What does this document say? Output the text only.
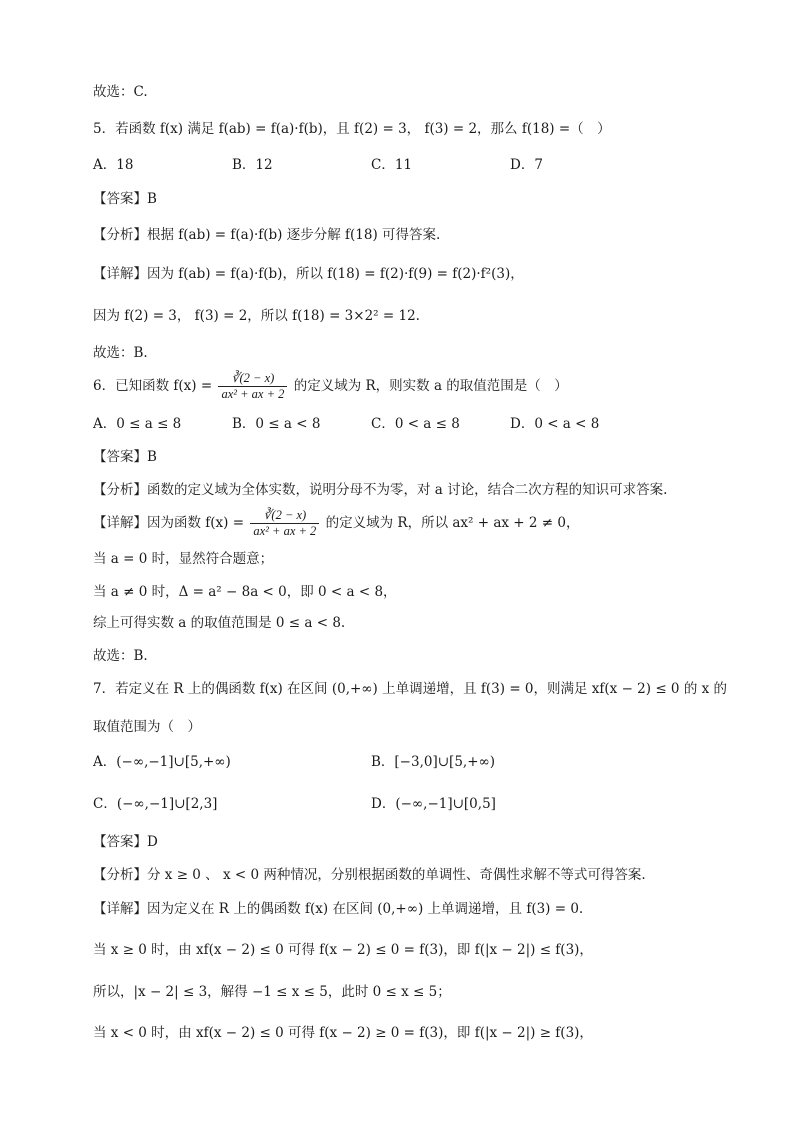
故选：C.
5．若函数 f(x) 满足 f(ab) = f(a)·f(b)，且 f(2) = 3， f(3) = 2，那么 f(18) =（　）
A．18	B．12	C．11	D．7
【答案】B
【分析】根据 f(ab) = f(a)·f(b) 逐步分解 f(18) 可得答案.
【详解】因为 f(ab) = f(a)·f(b)，所以 f(18) = f(2)·f(9) = f(2)·f²(3)，
因为 f(2) = 3， f(3) = 2，所以 f(18) = 3×2² = 12.
故选：B.
6．已知函数 $f(x) = \frac{∛(2 - x)}{\text{ax² + ax + 2}}$ 的定义域为 R，则实数 a 的取值范围是（　）
A．0 ≤ a ≤ 8	B．0 ≤ a < 8	C．0 < a ≤ 8	D．0 < a < 8
【答案】B
【分析】函数的定义域为全体实数，说明分母不为零，对 a 讨论，结合二次方程的知识可求答案.
【详解】因为函数 $f(x) = \frac{∛(2 - x)}{\text{ax² + ax + 2}}$ 的定义域为 R，所以 ax² + ax + 2 ≠ 0，
当 a = 0 时，显然符合题意；
当 a ≠ 0 时，Δ = a² − 8a < 0，即 0 < a < 8，
综上可得实数 a 的取值范围是 0 ≤ a < 8.
故选：B.
7．若定义在 R 上的偶函数 f(x) 在区间 (0,+∞) 上单调递增，且 f(3) = 0，则满足 xf(x − 2) ≤ 0 的 x 的
取值范围为（　）
A．(−∞,−1]∪[5,+∞)	B．[−3,0]∪[5,+∞)
C．(−∞,−1]∪[2,3]	D．(−∞,−1]∪[0,5]
【答案】D
【分析】分 x ≥ 0 、 x < 0 两种情况，分别根据函数的单调性、奇偶性求解不等式可得答案.
【详解】因为定义在 R 上的偶函数 f(x) 在区间 (0,+∞) 上单调递增，且 f(3) = 0.
当 x ≥ 0 时，由 xf(x − 2) ≤ 0 可得 f(x − 2) ≤ 0 = f(3)，即 f(|x − 2|) ≤ f(3)，
所以，|x − 2| ≤ 3，解得 −1 ≤ x ≤ 5，此时 0 ≤ x ≤ 5；
当 x < 0 时，由 xf(x − 2) ≤ 0 可得 f(x − 2) ≥ 0 = f(3)，即 f(|x − 2|) ≥ f(3)，
